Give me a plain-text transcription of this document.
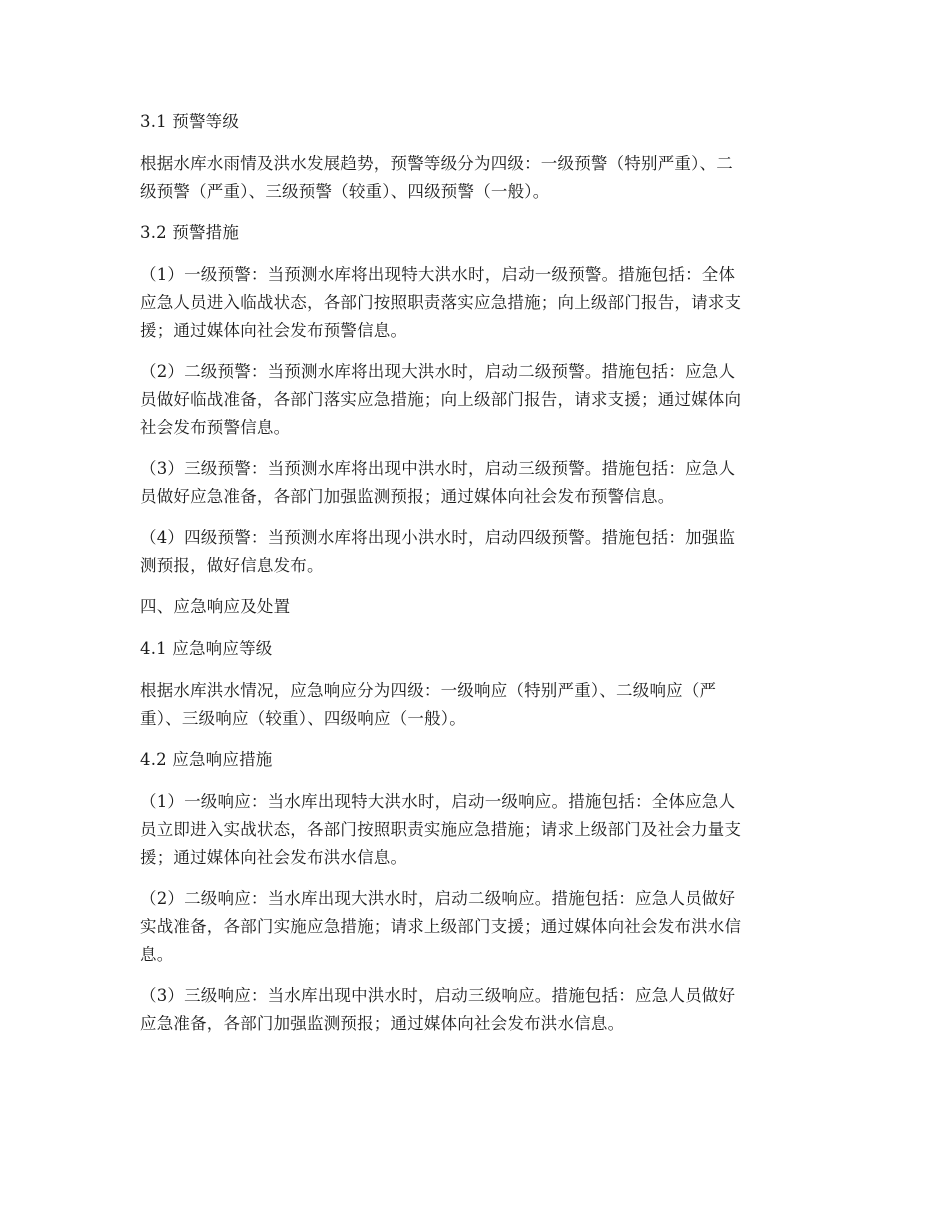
3.1 预警等级
根据水库水雨情及洪水发展趋势，预警等级分为四级：一级预警（特别严重）、二
级预警（严重）、三级预警（较重）、四级预警（一般）。
3.2 预警措施
（1）一级预警：当预测水库将出现特大洪水时，启动一级预警。措施包括：全体
应急人员进入临战状态，各部门按照职责落实应急措施；向上级部门报告，请求支
援；通过媒体向社会发布预警信息。
（2）二级预警：当预测水库将出现大洪水时，启动二级预警。措施包括：应急人
员做好临战准备，各部门落实应急措施；向上级部门报告，请求支援；通过媒体向
社会发布预警信息。
（3）三级预警：当预测水库将出现中洪水时，启动三级预警。措施包括：应急人
员做好应急准备，各部门加强监测预报；通过媒体向社会发布预警信息。
（4）四级预警：当预测水库将出现小洪水时，启动四级预警。措施包括：加强监
测预报，做好信息发布。
四、应急响应及处置
4.1 应急响应等级
根据水库洪水情况，应急响应分为四级：一级响应（特别严重）、二级响应（严
重）、三级响应（较重）、四级响应（一般）。
4.2 应急响应措施
（1）一级响应：当水库出现特大洪水时，启动一级响应。措施包括：全体应急人
员立即进入实战状态，各部门按照职责实施应急措施；请求上级部门及社会力量支
援；通过媒体向社会发布洪水信息。
（2）二级响应：当水库出现大洪水时，启动二级响应。措施包括：应急人员做好
实战准备，各部门实施应急措施；请求上级部门支援；通过媒体向社会发布洪水信
息。
（3）三级响应：当水库出现中洪水时，启动三级响应。措施包括：应急人员做好
应急准备，各部门加强监测预报；通过媒体向社会发布洪水信息。
